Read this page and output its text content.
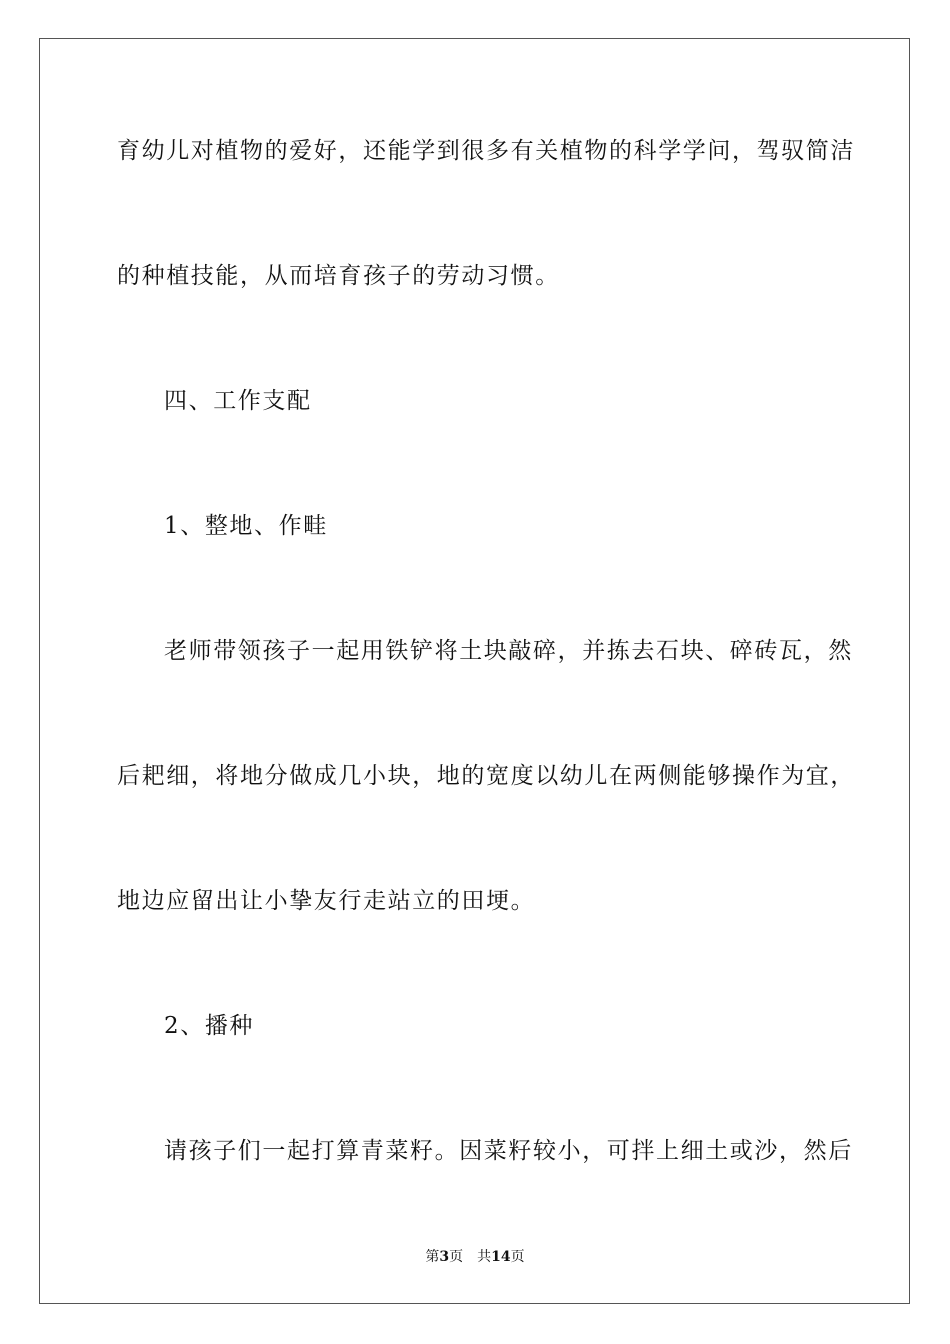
育幼儿对植物的爱好，还能学到很多有关植物的科学学问，驾驭简洁
的种植技能，从而培育孩子的劳动习惯。
四、工作支配
1、整地、作畦
老师带领孩子一起用铁铲将土块敲碎，并拣去石块、碎砖瓦，然
后耙细，将地分做成几小块，地的宽度以幼儿在两侧能够操作为宜，
地边应留出让小挚友行走站立的田埂。
2、播种
请孩子们一起打算青菜籽。因菜籽较小，可拌上细土或沙，然后
第3页 共14页
